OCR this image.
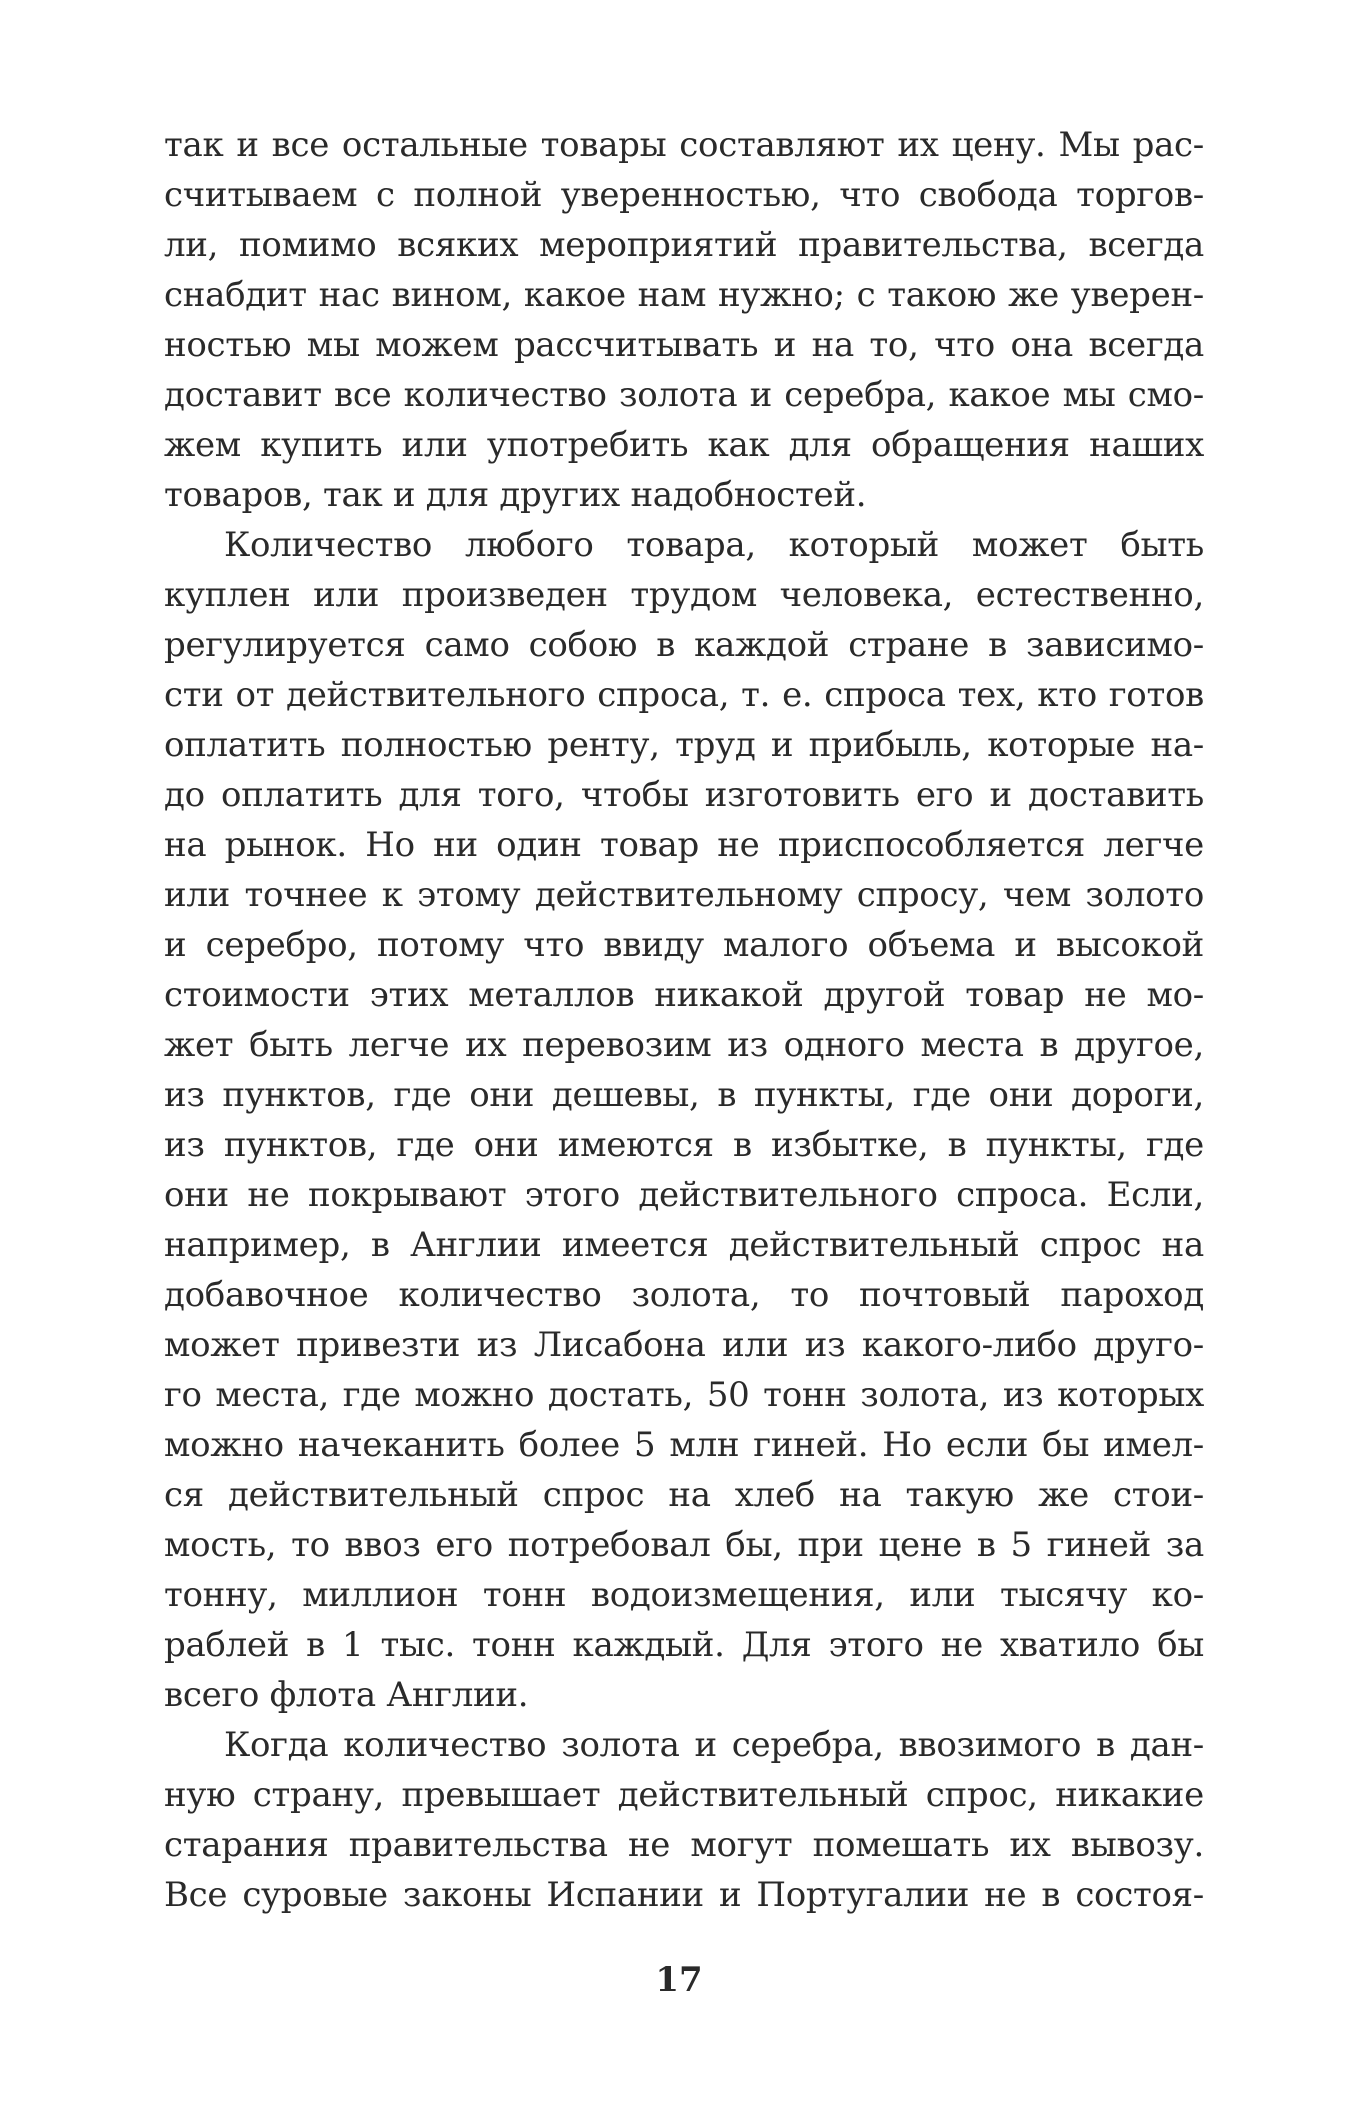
так и все остальные товары составляют их цену. Мы рас-
считываем с полной уверенностью, что свобода торгов-
ли, помимо всяких мероприятий правительства, всегда
снабдит нас вином, какое нам нужно; с такою же уверен-
ностью мы можем рассчитывать и на то, что она всегда
доставит все количество золота и серебра, какое мы смо-
жем купить или употребить как для обращения наших
товаров, так и для других надобностей.
Количество любого товара, который может быть
куплен или произведен трудом человека, естественно,
регулируется само собою в каждой стране в зависимо-
сти от действительного спроса, т. е. спроса тех, кто готов
оплатить полностью ренту, труд и прибыль, которые на-
до оплатить для того, чтобы изготовить его и доставить
на рынок. Но ни один товар не приспособляется легче
или точнее к этому действительному спросу, чем золото
и серебро, потому что ввиду малого объема и высокой
стоимости этих металлов никакой другой товар не мо-
жет быть легче их перевозим из одного места в другое,
из пунктов, где они дешевы, в пункты, где они дороги,
из пунктов, где они имеются в избытке, в пункты, где
они не покрывают этого действительного спроса. Если,
например, в Англии имеется действительный спрос на
добавочное количество золота, то почтовый пароход
может привезти из Лисабона или из какого-либо друго-
го места, где можно достать, 50 тонн золота, из которых
можно начеканить более 5 млн гиней. Но если бы имел-
ся действительный спрос на хлеб на такую же стои-
мость, то ввоз его потребовал бы, при цене в 5 гиней за
тонну, миллион тонн водоизмещения, или тысячу ко-
раблей в 1 тыс. тонн каждый. Для этого не хватило бы
всего флота Англии.
Когда количество золота и серебра, ввозимого в дан-
ную страну, превышает действительный спрос, никакие
старания правительства не могут помешать их вывозу.
Все суровые законы Испании и Португалии не в состоя-
17
